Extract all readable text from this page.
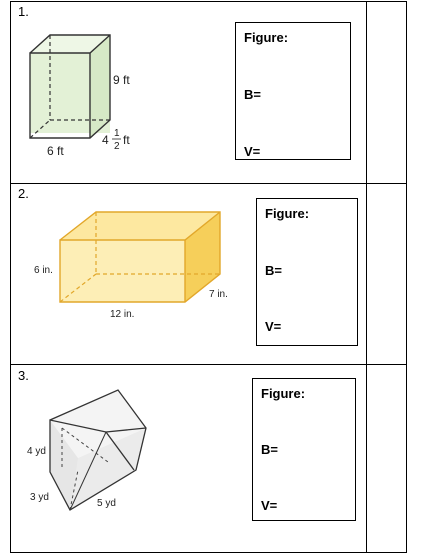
1.
9 ft
6 ft
4 1
2 ft
Figure:
B=
V=
2.
6 in.
12 in.
7 in.
Figure:
B=
V=
3.
4 yd
3 yd
5 yd
Figure:
B=
V=
